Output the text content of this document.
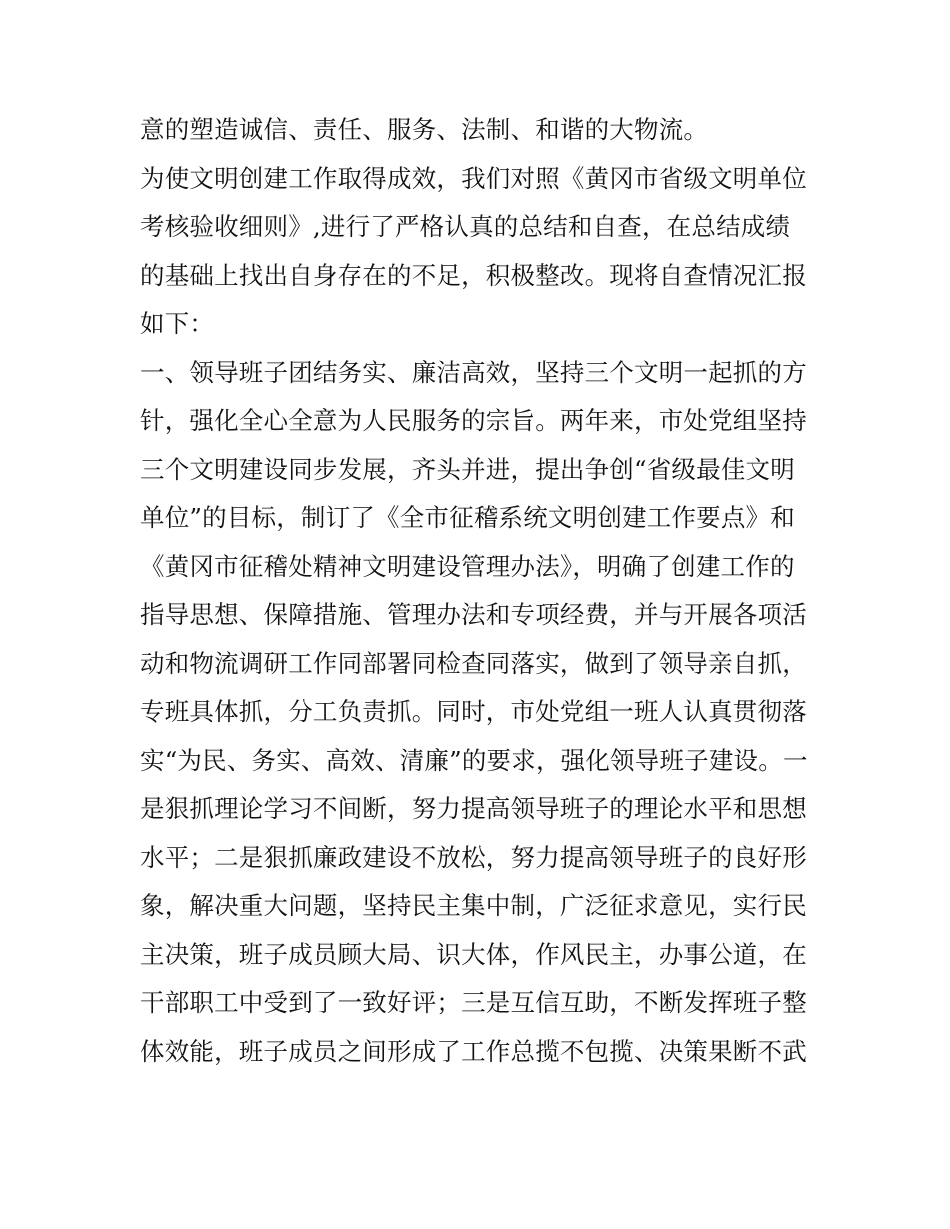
意的塑造诚信、责任、服务、法制、和谐的大物流。
为使文明创建工作取得成效，我们对照《黄冈市省级文明单位
考核验收细则》,进行了严格认真的总结和自查，在总结成绩
的基础上找出自身存在的不足，积极整改。现将自查情况汇报
如下：
一、领导班子团结务实、廉洁高效，坚持三个文明一起抓的方
针，强化全心全意为人民服务的宗旨。两年来，市处党组坚持
三个文明建设同步发展，齐头并进，提出争创“省级最佳文明
单位”的目标，制订了《全市征稽系统文明创建工作要点》和
《黄冈市征稽处精神文明建设管理办法》，明确了创建工作的
指导思想、保障措施、管理办法和专项经费，并与开展各项活
动和物流调研工作同部署同检查同落实，做到了领导亲自抓，
专班具体抓，分工负责抓。同时，市处党组一班人认真贯彻落
实“为民、务实、高效、清廉”的要求，强化领导班子建设。一
是狠抓理论学习不间断，努力提高领导班子的理论水平和思想
水平；二是狠抓廉政建设不放松，努力提高领导班子的良好形
象，解决重大问题，坚持民主集中制，广泛征求意见，实行民
主决策，班子成员顾大局、识大体，作风民主，办事公道，在
干部职工中受到了一致好评；三是互信互助，不断发挥班子整
体效能，班子成员之间形成了工作总揽不包揽、决策果断不武
